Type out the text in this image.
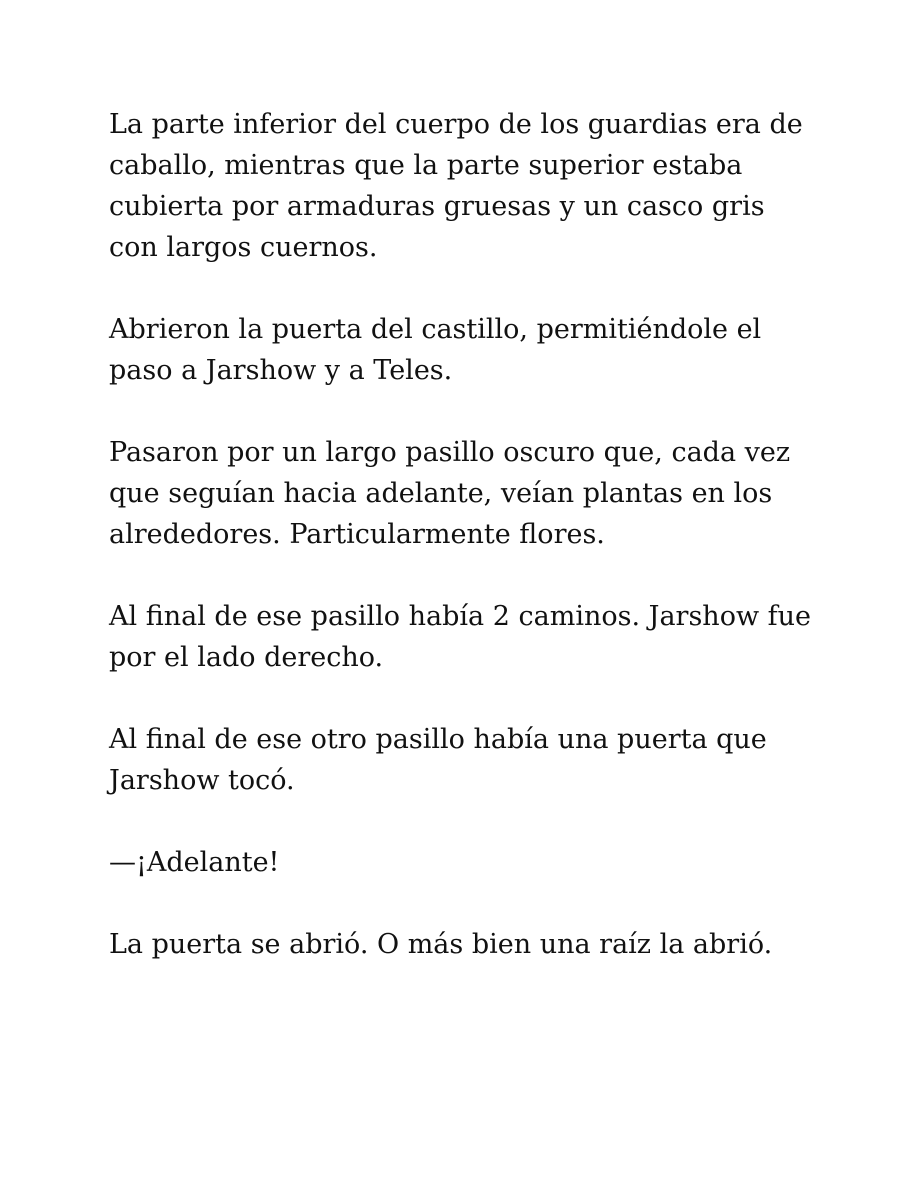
La parte inferior del cuerpo de los guardias era de caballo, mientras que la parte superior estaba cubierta por armaduras gruesas y un casco gris con largos cuernos.

Abrieron la puerta del castillo, permitiéndole el paso a Jarshow y a Teles.

Pasaron por un largo pasillo oscuro que, cada vez que seguían hacia adelante, veían plantas en los alrededores. Particularmente flores.

Al final de ese pasillo había 2 caminos. Jarshow fue por el lado derecho.

Al final de ese otro pasillo había una puerta que Jarshow tocó.

—¡Adelante!

La puerta se abrió. O más bien una raíz la abrió.
